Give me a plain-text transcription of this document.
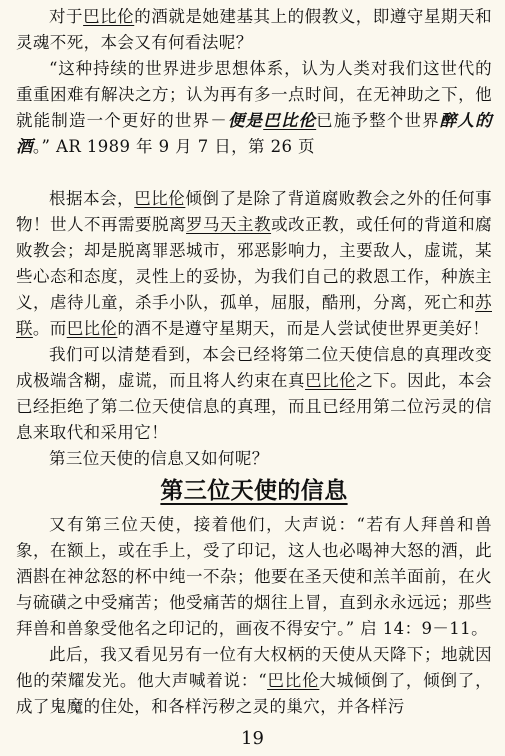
对于巴比伦的酒就是她建基其上的假教义，即遵守星期天和灵魂不死，本会又有何看法呢？

“这种持续的世界进步思想体系，认为人类对我们这世代的重重困难有解决之方；认为再有多一点时间，在无神助之下，他就能制造一个更好的世界－便是巴比伦已施予整个世界醉人的酒。” AR 1989 年 9 月 7 日，第 26 页

根据本会，巴比伦倾倒了是除了背道腐败教会之外的任何事物！世人不再需要脱离罗马天主教或改正教，或任何的背道和腐败教会；却是脱离罪恶城市，邪恶影响力，主要敌人，虚谎，某些心态和态度，灵性上的妥协，为我们自己的救恩工作，种族主义，虐待儿童，杀手小队，孤单，屈服，酷刑，分离，死亡和苏联。而巴比伦的酒不是遵守星期天，而是人尝试使世界更美好！

我们可以清楚看到，本会已经将第二位天使信息的真理改变成极端含糊，虚谎，而且将人约束在真巴比伦之下。因此，本会已经拒绝了第二位天使信息的真理，而且已经用第二位污灵的信息来取代和采用它！

第三位天使的信息又如何呢？

第三位天使的信息

又有第三位天使，接着他们，大声说：“若有人拜兽和兽象，在额上，或在手上，受了印记，这人也必喝神大怒的酒，此酒斟在神忿怒的杯中纯一不杂；他要在圣天使和羔羊面前，在火与硫磺之中受痛苦；他受痛苦的烟往上冒，直到永永远远；那些拜兽和兽象受他名之印记的，画夜不得安宁。” 启 14：9－11。

此后，我又看见另有一位有大权柄的天使从天降下；地就因他的荣耀发光。他大声喊着说：“巴比伦大城倾倒了，倾倒了，成了鬼魔的住处，和各样污秽之灵的巢穴，并各样污

19
